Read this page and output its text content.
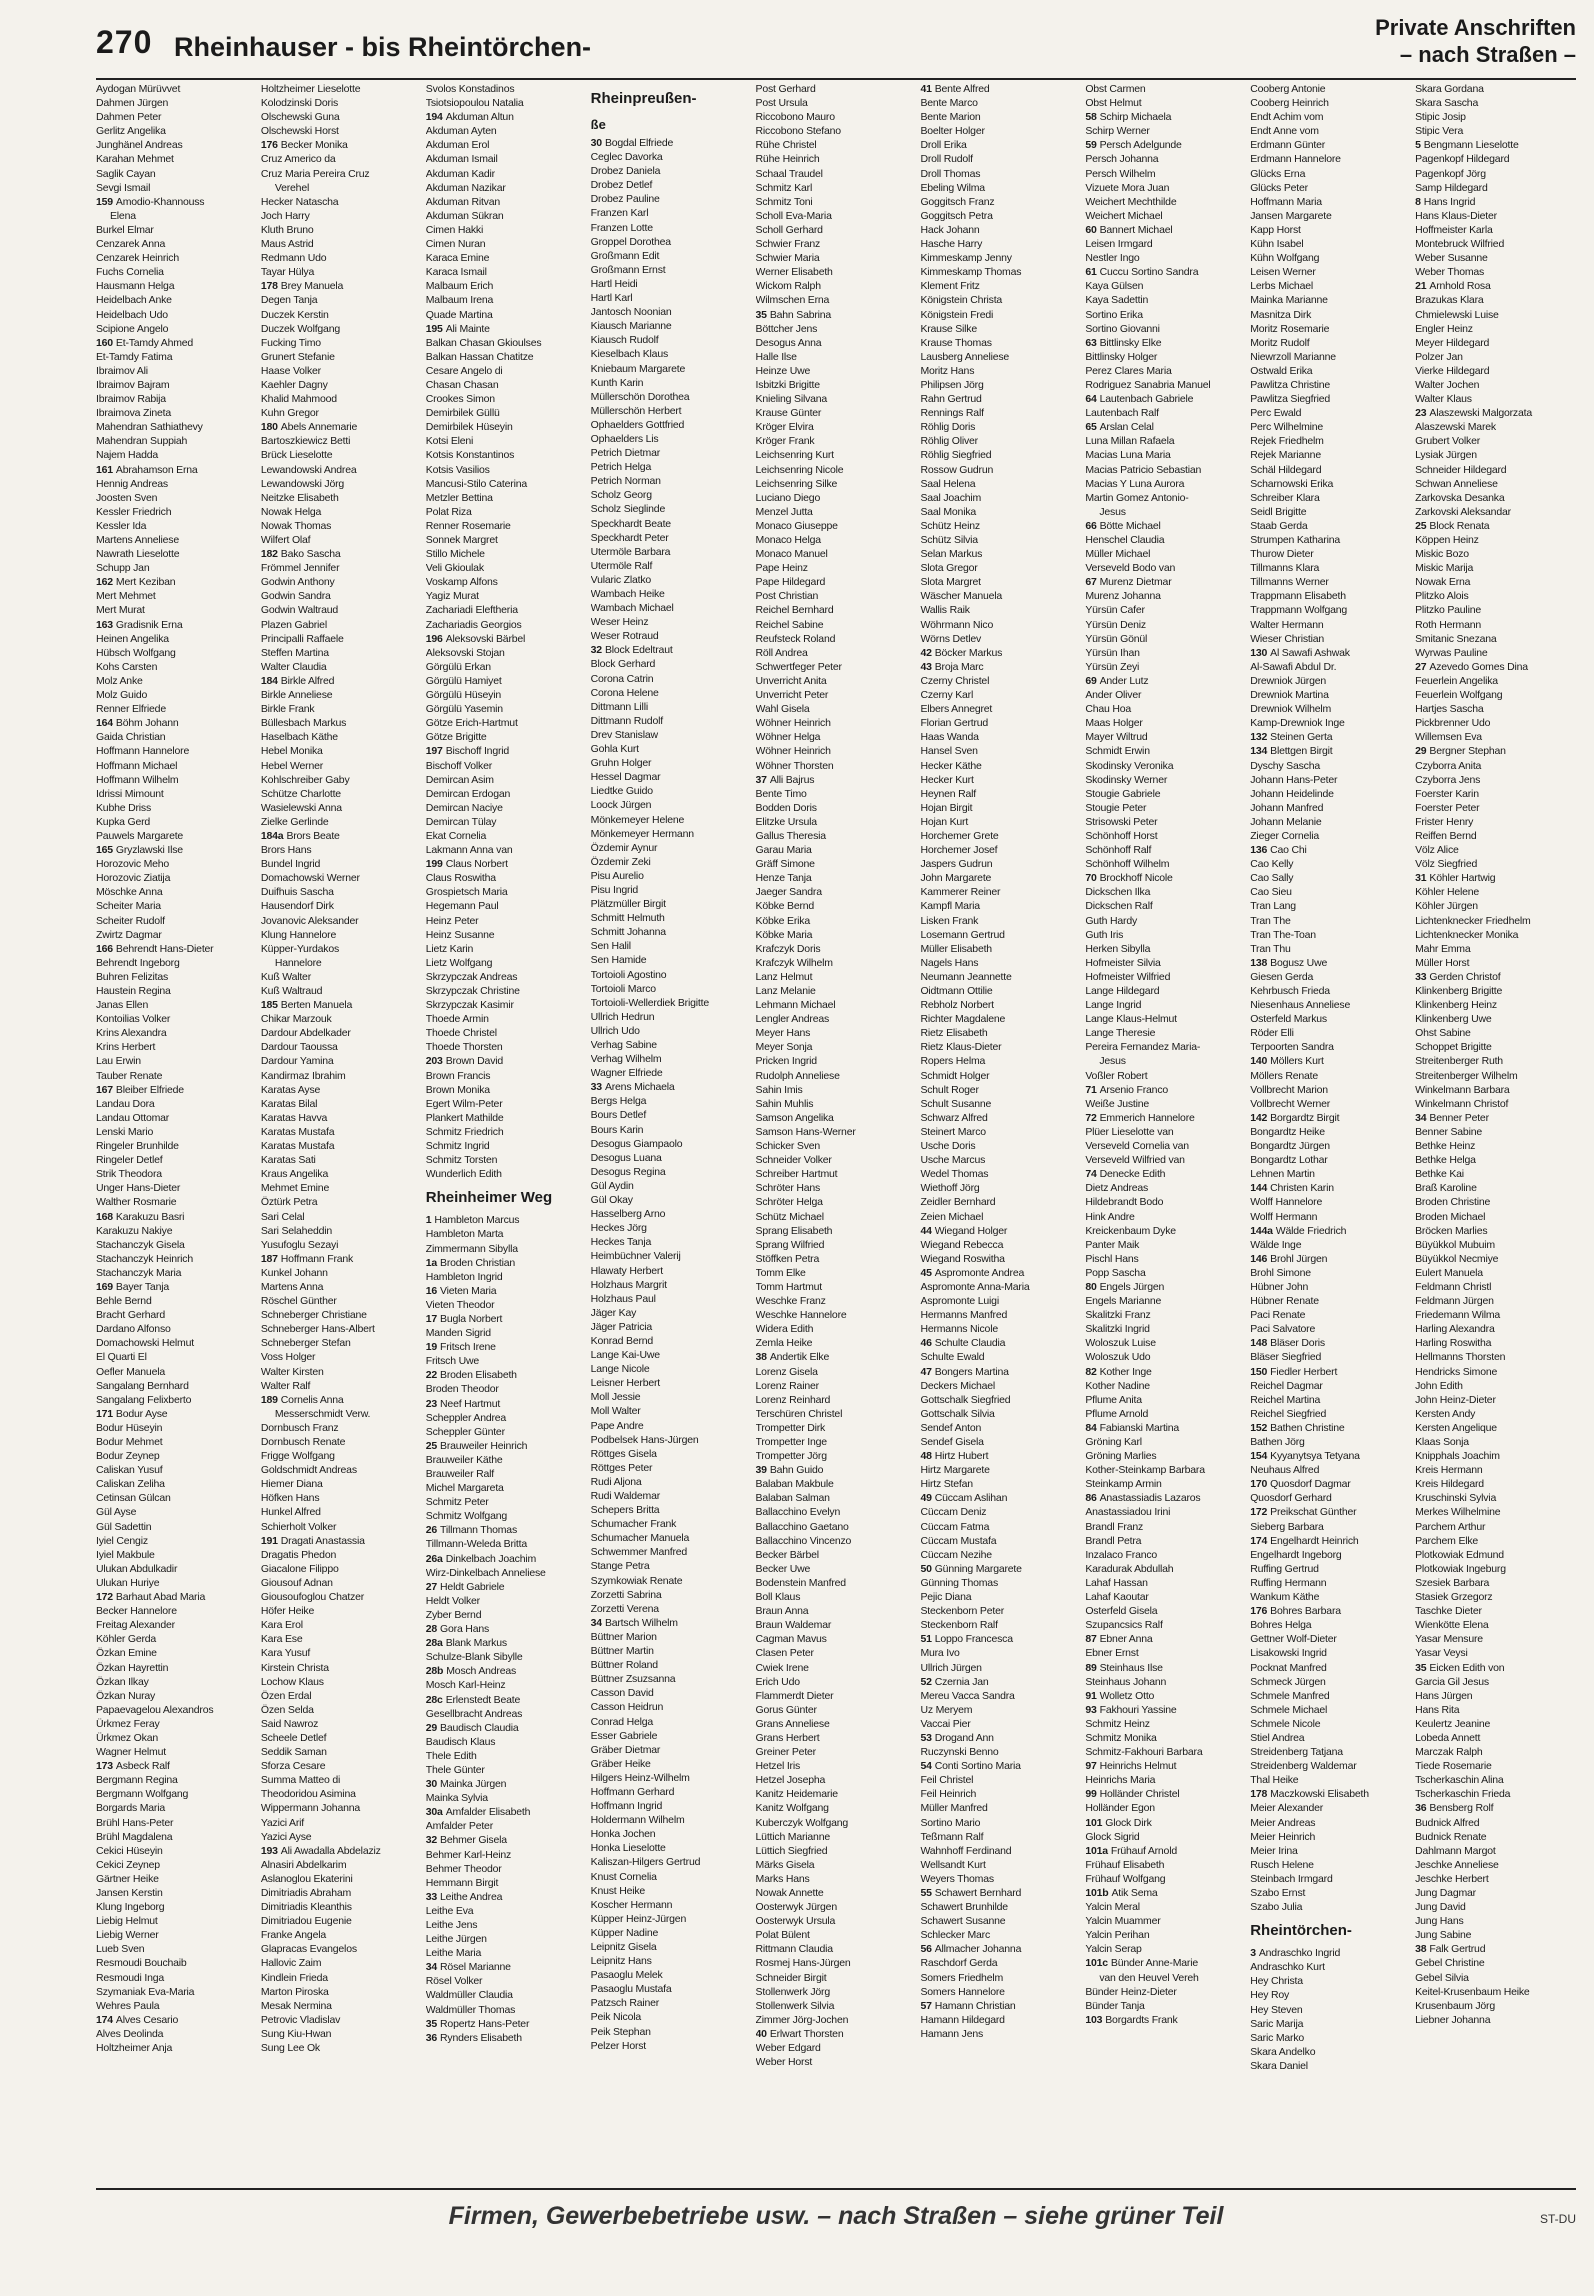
270 Rheinhauser - bis Rheintörchen-
Private Anschriften
– nach Straßen –
Aydogan Mürüvvet
Dahmen Jürgen
Dahmen Peter
Gerlitz Angelika
Junghänel Andreas
Karahan Mehmet
Saglik Cayan
Sevgi Ismail
159 Amodio-Khannouss
Elena
Burkel Elmar
Cenzarek Anna
Cenzarek Heinrich
Fuchs Cornelia
Hausmann Helga
Heidelbach Anke
Heidelbach Udo
Scipione Angelo
160 Et-Tamdy Ahmed
Et-Tamdy Fatima
Ibraimov Ali
Ibraimov Bajram
Ibraimov Rabija
Ibraimova Zineta
Mahendran Sathiathevy
Mahendran Suppiah
Najem Hadda
161 Abrahamson Erna
Hennig Andreas
Joosten Sven
Kessler Friedrich
Kessler Ida
Martens Anneliese
Nawrath Lieselotte
Schupp Jan
162 Mert Keziban
Mert Mehmet
Mert Murat
163 Gradisnik Erna
Heinen Angelika
Hübsch Wolfgang
Kohs Carsten
Molz Anke
Molz Guido
Renner Elfriede
164 Böhm Johann
Gaida Christian
Hoffmann Hannelore
Hoffmann Michael
Hoffmann Wilhelm
Idrissi Mimount
Kubhe Driss
Kupka Gerd
Pauwels Margarete
165 Gryzlawski Ilse
Horozovic Meho
Horozovic Ziatija
Möschke Anna
Scheiter Maria
Scheiter Rudolf
Zwirtz Dagmar
166 Behrendt Hans-Dieter
Behrendt Ingeborg
Buhren Felizitas
Haustein Regina
Janas Ellen
Kontoilias Volker
Krins Alexandra
Krins Herbert
Lau Erwin
Tauber Renate
167 Bleiber Elfriede
Landau Dora
Landau Ottomar
Lenski Mario
Ringeler Brunhilde
Ringeler Detlef
Strik Theodora
Unger Hans-Dieter
Walther Rosmarie
168 Karakuzu Basri
Karakuzu Nakiye
Stachanczyk Gisela
Stachanczyk Heinrich
Stachanczyk Maria
169 Bayer Tanja
Behle Bernd
Bracht Gerhard
Dardano Alfonso
Domachowski Helmut
El Quarti El
Oefler Manuela
Sangalang Bernhard
Sangalang Felixberto
171 Bodur Ayse
Bodur Hüseyin
Bodur Mehmet
Bodur Zeynep
Caliskan Yusuf
Caliskan Zeliha
Cetinsan Gülcan
Gül Ayse
Gül Sadettin
Iyiel Cengiz
Iyiel Makbule
Ulukan Abdulkadir
Ulukan Huriye
172 Barhaut Abad Maria
Becker Hannelore
Freitag Alexander
Köhler Gerda
Özkan Emine
Özkan Hayrettin
Özkan Ilkay
Özkan Nuray
Papaevagelou Alexandros
Ürkmez Feray
Ürkmez Okan
Wagner Helmut
173 Asbeck Ralf
Bergmann Regina
Bergmann Wolfgang
Borgards Maria
Brühl Hans-Peter
Brühl Magdalena
Cekici Hüseyin
Cekici Zeynep
Gärtner Heike
Jansen Kerstin
Klung Ingeborg
Liebig Helmut
Liebig Werner
Lueb Sven
Resmoudi Bouchaib
Resmoudi Inga
Szymaniak Eva-Maria
Wehres Paula
174 Alves Cesario
Alves Deolinda
Holtzheimer Anja
Holtzheimer Lieselotte
Kolodzinski Doris
Olschewski Guna
Olschewski Horst
176 Becker Monika
Cruz Americo da
Cruz Maria Pereira Cruz
Verehel
Hecker Natascha
Joch Harry
Kluth Bruno
Maus Astrid
Redmann Udo
Tayar Hülya
178 Brey Manuela
Degen Tanja
Duczek Kerstin
Duczek Wolfgang
Fucking Timo
Grunert Stefanie
Haase Volker
Kaehler Dagny
Khalid Mahmood
Kuhn Gregor
180 Abels Annemarie
Bartoszkiewicz Betti
Brück Lieselotte
Lewandowski Andrea
Lewandowski Jörg
Neitzke Elisabeth
Nowak Helga
Nowak Thomas
Wilfert Olaf
182 Bako Sascha
Frömmel Jennifer
Godwin Anthony
Godwin Sandra
Godwin Waltraud
Plazen Gabriel
Principalli Raffaele
Steffen Martina
Walter Claudia
184 Birkle Alfred
Birkle Anneliese
Birkle Frank
Büllesbach Markus
Haselbach Käthe
Hebel Monika
Hebel Werner
Kohlschreiber Gaby
Schütze Charlotte
Wasielewski Anna
Zielke Gerlinde
184a Brors Beate
Brors Hans
Bundel Ingrid
Domachowski Werner
Duifhuis Sascha
Hausendorf Dirk
Jovanovic Aleksander
Klung Hannelore
Küpper-Yurdakos
Hannelore
Kuß Walter
Kuß Waltraud
185 Berten Manuela
Chikar Marzouk
Dardour Abdelkader
Dardour Taoussa
Dardour Yamina
Kandirmaz Ibrahim
Karatas Ayse
Karatas Bilal
Karatas Havva
Karatas Mustafa
Karatas Mustafa
Karatas Sati
Kraus Angelika
Mehmet Emine
Öztürk Petra
Sari Celal
Sari Selaheddin
Yusufoglu Sezayi
187 Hoffmann Frank
Kunkel Johann
Martens Anna
Röschel Günther
Schneberger Christiane
Schneberger Hans-Albert
Schneberger Stefan
Voss Holger
Walter Kirsten
Walter Ralf
189 Cornelis Anna
Messerschmidt Verw.
Dornbusch Franz
Dornbusch Renate
Frigge Wolfgang
Goldschmidt Andreas
Hiemer Diana
Höfken Hans
Hunkel Alfred
Schierholt Volker
191 Dragati Anastassia
Dragatis Phedon
Giacalone Filippo
Giousouf Adnan
Giousoufoglou Chatzer
Höfer Heike
Kara Erol
Kara Ese
Kara Yusuf
Kirstein Christa
Lochow Klaus
Özen Erdal
Özen Selda
Said Nawroz
Scheele Detlef
Seddik Saman
Sforza Cesare
Summa Matteo di
Theodoridou Asimina
Wippermann Johanna
Yazici Arif
Yazici Ayse
193 Ali Awadalla Abdelaziz
Alnasiri Abdelkarim
Aslanoglou Ekaterini
Dimitriadis Abraham
Dimitriadis Kleanthis
Dimitriadou Eugenie
Franke Angela
Glapracas Evangelos
Hallovic Zaim
Kindlein Frieda
Marton Piroska
Mesak Nermina
Petrovic Vladislav
Sung Kiu-Hwan
Sung Lee Ok
Svolos Konstadinos
Tsiotsiopoulou Natalia
194 Akduman Altun
Akduman Ayten
Akduman Erol
Akduman Ismail
Akduman Kadir
Akduman Nazikar
Akduman Ritvan
Akduman Sükran
Cimen Hakki
Cimen Nuran
Karaca Emine
Karaca Ismail
Malbaum Erich
Malbaum Irena
Quade Martina
195 Ali Mainte
Balkan Chasan Gkioulses
Balkan Hassan Chatitze
Cesare Angelo di
Chasan Chasan
Crookes Simon
Demirbilek Güllü
Demirbilek Hüseyin
Kotsi Eleni
Kotsis Konstantinos
Kotsis Vasilios
Mancusi-Stilo Caterina
Metzler Bettina
Polat Riza
Renner Rosemarie
Sonnek Margret
Stillo Michele
Veli Gkioulak
Voskamp Alfons
Yagiz Murat
Zachariadi Eleftheria
Zachariadis Georgios
196 Aleksovski Bärbel
Aleksovski Stojan
Görgülü Erkan
Görgülü Hamiyet
Görgülü Hüseyin
Görgülü Yasemin
Götze Erich-Hartmut
Götze Brigitte
197 Bischoff Ingrid
Bischoff Volker
Demircan Asim
Demircan Erdogan
Demircan Naciye
Demircan Tülay
Ekat Cornelia
Lakmann Anna van
199 Claus Norbert
Claus Roswitha
Grospietsch Maria
Hegemann Paul
Heinz Peter
Heinz Susanne
Lietz Karin
Lietz Wolfgang
Skrzypczak Andreas
Skrzypczak Christine
Skrzypczak Kasimir
Thoede Armin
Thoede Christel
Thoede Thorsten
203 Brown David
Brown Francis
Brown Monika
Egert Wilm-Peter
Plankert Mathilde
Schmitz Friedrich
Schmitz Ingrid
Schmitz Torsten
Wunderlich Edith
Rheinheimer Weg
1 Hambleton Marcus
Hambleton Marta
Zimmermann Sibylla
1a Broden Christian
Hambleton Ingrid
16 Vieten Maria
Vieten Theodor
17 Bugla Norbert
Manden Sigrid
19 Fritsch Irene
Fritsch Uwe
22 Broden Elisabeth
Broden Theodor
23 Neef Hartmut
Scheppler Andrea
Scheppler Günter
25 Brauweiler Heinrich
Brauweiler Käthe
Brauweiler Ralf
Michel Margareta
Schmitz Peter
Schmitz Wolfgang
26 Tillmann Thomas
Tillmann-Weleda Britta
26a Dinkelbach Joachim
Wirz-Dinkelbach Anneliese
27 Heldt Gabriele
Heldt Volker
Zyber Bernd
28 Gora Hans
28a Blank Markus
Schulze-Blank Sibylle
28b Mosch Andreas
Mosch Karl-Heinz
28c Erlenstedt Beate
Gesellbracht Andreas
29 Baudisch Claudia
Baudisch Klaus
Thele Edith
Thele Günter
30 Mainka Jürgen
Mainka Sylvia
30a Amfalder Elisabeth
Amfalder Peter
32 Behmer Gisela
Behmer Karl-Heinz
Behmer Theodor
Hemmann Birgit
33 Leithe Andrea
Leithe Eva
Leithe Jens
Leithe Jürgen
Leithe Maria
34 Rösel Marianne
Rösel Volker
Waldmüller Claudia
Waldmüller Thomas
35 Ropertz Hans-Peter
36 Rynders Elisabeth
Rheinpreußen-
ße
30 Bogdal Elfriede
Ceglec Davorka
Drobez Daniela
Drobez Detlef
Drobez Pauline
Franzen Karl
Franzen Lotte
Groppel Dorothea
Großmann Edit
Großmann Ernst
Hartl Heidi
Hartl Karl
Jantosch Noonian
Kiausch Marianne
Kiausch Rudolf
Kieselbach Klaus
Kniebaum Margarete
Kunth Karin
Müllerschön Dorothea
Müllerschön Herbert
Ophaelders Gottfried
Ophaelders Lis
Petrich Dietmar
Petrich Helga
Petrich Norman
Scholz Georg
Scholz Sieglinde
Speckhardt Beate
Speckhardt Peter
Utermöle Barbara
Utermöle Ralf
Vularic Zlatko
Wambach Heike
Wambach Michael
Weser Heinz
Weser Rotraud
32 Block Edeltraut
Block Gerhard
Corona Catrin
Corona Helene
Dittmann Lilli
Dittmann Rudolf
Drev Stanislaw
Gohla Kurt
Gruhn Holger
Hessel Dagmar
Liedtke Guido
Loock Jürgen
Mönkemeyer Helene
Mönkemeyer Hermann
Özdemir Aynur
Özdemir Zeki
Pisu Aurelio
Pisu Ingrid
Plätzmüller Birgit
Schmitt Helmuth
Schmitt Johanna
Sen Halil
Sen Hamide
Tortoioli Agostino
Tortoioli Marco
Tortoioli-Wellerdiek Brigitte
Ullrich Hedrun
Ullrich Udo
Verhag Sabine
Verhag Wilhelm
Wagner Elfriede
33 Arens Michaela
Bergs Helga
Bours Detlef
Bours Karin
Desogus Giampaolo
Desogus Luana
Desogus Regina
Gül Aydin
Gül Okay
Hasselberg Arno
Heckes Jörg
Heckes Tanja
Heimbüchner Valerij
Hlawaty Herbert
Holzhaus Margrit
Holzhaus Paul
Jäger Kay
Jäger Patricia
Konrad Bernd
Lange Kai-Uwe
Lange Nicole
Leisner Herbert
Moll Jessie
Moll Walter
Pape Andre
Podbelsek Hans-Jürgen
Röttges Gisela
Röttges Peter
Rudi Aljona
Rudi Waldemar
Schepers Britta
Schumacher Frank
Schumacher Manuela
Schwemmer Manfred
Stange Petra
Szymkowiak Renate
Zorzetti Sabrina
Zorzetti Verena
34 Bartsch Wilhelm
Büttner Marion
Büttner Martin
Büttner Roland
Büttner Zsuzsanna
Casson David
Casson Heidrun
Conrad Helga
Esser Gabriele
Gräber Dietmar
Gräber Heike
Hilgers Heinz-Wilhelm
Hoffmann Gerhard
Hoffmann Ingrid
Holdermann Wilhelm
Honka Jochen
Honka Lieselotte
Kaliszan-Hilgers Gertrud
Knust Cornelia
Knust Heike
Koscher Hermann
Küpper Heinz-Jürgen
Küpper Nadine
Leipnitz Gisela
Leipnitz Hans
Pasaoglu Melek
Pasaoglu Mustafa
Patzsch Rainer
Peik Nicola
Peik Stephan
Pelzer Horst
Post Gerhard
Post Ursula
Riccobono Mauro
Riccobono Stefano
Rühe Christel
Rühe Heinrich
Schaal Traudel
Schmitz Karl
Schmitz Toni
Scholl Eva-Maria
Scholl Gerhard
Schwier Franz
Schwier Maria
Werner Elisabeth
Wickom Ralph
Wilmschen Erna
35 Bahn Sabrina
Böttcher Jens
Desogus Anna
Halle Ilse
Heinze Uwe
Isbitzki Brigitte
Knieling Silvana
Krause Günter
Kröger Elvira
Kröger Frank
Leichsenring Kurt
Leichsenring Nicole
Leichsenring Silke
Luciano Diego
Menzel Jutta
Monaco Giuseppe
Monaco Helga
Monaco Manuel
Pape Heinz
Pape Hildegard
Post Christian
Reichel Bernhard
Reichel Sabine
Reufsteck Roland
Röll Andrea
Schwertfeger Peter
Unverricht Anita
Unverricht Peter
Wahl Gisela
Wöhner Heinrich
Wöhner Helga
Wöhner Heinrich
Wöhner Thorsten
37 Alli Bajrus
Bente Timo
Bodden Doris
Elitzke Ursula
Gallus Theresia
Garau Maria
Gräff Simone
Henze Tanja
Jaeger Sandra
Köbke Bernd
Köbke Erika
Köbke Maria
Krafczyk Doris
Krafczyk Wilhelm
Lanz Helmut
Lanz Melanie
Lehmann Michael
Lengler Andreas
Meyer Hans
Meyer Sonja
Pricken Ingrid
Rudolph Anneliese
Sahin Imis
Sahin Muhlis
Samson Angelika
Samson Hans-Werner
Schicker Sven
Schneider Volker
Schreiber Hartmut
Schröter Hans
Schröter Helga
Schütz Michael
Sprang Elisabeth
Sprang Wilfried
Stöffken Petra
Tomm Elke
Tomm Hartmut
Weschke Franz
Weschke Hannelore
Widera Edith
Zemla Heike
38 Andertik Elke
Lorenz Gisela
Lorenz Rainer
Lorenz Reinhard
Terschüren Christel
Trompetter Dirk
Trompetter Inge
Trompetter Jörg
39 Bahn Guido
Balaban Makbule
Balaban Salman
Ballacchino Evelyn
Ballacchino Gaetano
Ballacchino Vincenzo
Becker Bärbel
Becker Uwe
Bodenstein Manfred
Boll Klaus
Braun Anna
Braun Waldemar
Cagman Mavus
Clasen Peter
Cwiek Irene
Erich Udo
Flammerdt Dieter
Gorus Günter
Grans Anneliese
Grans Herbert
Greiner Peter
Hetzel Iris
Hetzel Josepha
Kanitz Heidemarie
Kanitz Wolfgang
Kuberczyk Wolfgang
Lüttich Marianne
Lüttich Siegfried
Märks Gisela
Marks Hans
Nowak Annette
Oosterwyk Jürgen
Oosterwyk Ursula
Polat Bülent
Rittmann Claudia
Rosmej Hans-Jürgen
Schneider Birgit
Stollenwerk Jörg
Stollenwerk Silvia
Zimmer Jörg-Jochen
40 Erlwart Thorsten
Weber Edgard
Weber Horst
41 Bente Alfred
Bente Marco
Bente Marion
Boelter Holger
Droll Erika
Droll Rudolf
Droll Thomas
Ebeling Wilma
Goggitsch Franz
Goggitsch Petra
Hack Johann
Hasche Harry
Kimmeskamp Jenny
Kimmeskamp Thomas
Klement Fritz
Königstein Christa
Königstein Fredi
Krause Silke
Krause Thomas
Lausberg Anneliese
Moritz Hans
Philipsen Jörg
Rahn Gertrud
Rennings Ralf
Röhlig Doris
Röhlig Oliver
Röhlig Siegfried
Rossow Gudrun
Saal Helena
Saal Joachim
Saal Monika
Schütz Heinz
Schütz Silvia
Selan Markus
Slota Gregor
Slota Margret
Wäscher Manuela
Wallis Raik
Wöhrmann Nico
Wörns Detlev
42 Böcker Markus
43 Broja Marc
Czerny Christel
Czerny Karl
Elbers Annegret
Florian Gertrud
Haas Wanda
Hansel Sven
Hecker Käthe
Hecker Kurt
Heynen Ralf
Hojan Birgit
Hojan Kurt
Horchemer Grete
Horchemer Josef
Jaspers Gudrun
John Margarete
Kammerer Reiner
Kampfl Maria
Lisken Frank
Losemann Gertrud
Müller Elisabeth
Nagels Hans
Neumann Jeannette
Oidtmann Ottilie
Rebholz Norbert
Richter Magdalene
Rietz Elisabeth
Rietz Klaus-Dieter
Ropers Helma
Schmidt Holger
Schult Roger
Schult Susanne
Schwarz Alfred
Steinert Marco
Usche Doris
Usche Marcus
Wedel Thomas
Wiethoff Jörg
Zeidler Bernhard
Zeien Michael
44 Wiegand Holger
Wiegand Rebecca
Wiegand Roswitha
45 Aspromonte Andrea
Aspromonte Anna-Maria
Aspromonte Luigi
Hermanns Manfred
Hermanns Nicole
46 Schulte Claudia
Schulte Ewald
47 Bongers Martina
Deckers Michael
Gottschalk Siegfried
Gottschalk Silvia
Sendef Anton
Sendef Gisela
48 Hirtz Hubert
Hirtz Margarete
Hirtz Stefan
49 Cüccam Aslihan
Cüccam Deniz
Cüccam Fatma
Cüccam Mustafa
Cüccam Nezihe
50 Günning Margarete
Günning Thomas
Pejic Diana
Steckenborn Peter
Steckenborn Ralf
51 Loppo Francesca
Mura Ivo
Ullrich Jürgen
52 Czernia Jan
Mereu Vacca Sandra
Uz Meryem
Vaccai Pier
53 Drogand Ann
Ruczynski Benno
54 Conti Sortino Maria
Feil Christel
Feil Heinrich
Müller Manfred
Sortino Mario
Teßmann Ralf
Wahnhoff Ferdinand
Wellsandt Kurt
Weyers Thomas
55 Schawert Bernhard
Schawert Brunhilde
Schawert Susanne
Schlecker Marc
56 Allmacher Johanna
Raschdorf Gerda
Somers Friedhelm
Somers Hannelore
57 Hamann Christian
Hamann Hildegard
Hamann Jens
Obst Carmen
Obst Helmut
58 Schirp Michaela
Schirp Werner
59 Persch Adelgunde
Persch Johanna
Persch Wilhelm
Vizuete Mora Juan
Weichert Mechthilde
Weichert Michael
60 Bannert Michael
Leisen Irmgard
Nestler Ingo
61 Cuccu Sortino Sandra
Kaya Gülsen
Kaya Sadettin
Sortino Erika
Sortino Giovanni
63 Bittlinsky Elke
Bittlinsky Holger
Perez Clares Maria
Rodriguez Sanabria Manuel
64 Lautenbach Gabriele
Lautenbach Ralf
65 Arslan Celal
Luna Millan Rafaela
Macias Luna Maria
Macias Patricio Sebastian
Macias Y Luna Aurora
Martin Gomez Antonio-
Jesus
66 Bötte Michael
Henschel Claudia
Müller Michael
Verseveld Bodo van
67 Murenz Dietmar
Murenz Johanna
Yürsün Cafer
Yürsün Deniz
Yürsün Gönül
Yürsün Ihan
Yürsün Zeyi
69 Ander Lutz
Ander Oliver
Chau Hoa
Maas Holger
Mayer Wiltrud
Schmidt Erwin
Skodinsky Veronika
Skodinsky Werner
Stougie Gabriele
Stougie Peter
Strisowski Peter
Schönhoff Horst
Schönhoff Ralf
Schönhoff Wilhelm
70 Brockhoff Nicole
Dickschen Ilka
Dickschen Ralf
Guth Hardy
Guth Iris
Herken Sibylla
Hofmeister Silvia
Hofmeister Wilfried
Lange Hildegard
Lange Ingrid
Lange Klaus-Helmut
Lange Theresie
Pereira Fernandez Maria-
Jesus
Voßler Robert
71 Arsenio Franco
Weiße Justine
72 Emmerich Hannelore
Plüer Lieselotte van
Verseveld Cornelia van
Verseveld Wilfried van
74 Denecke Edith
Dietz Andreas
Hildebrandt Bodo
Hink Andre
Kreickenbaum Dyke
Panter Maik
Pischl Hans
Popp Sascha
80 Engels Jürgen
Engels Marianne
Skalitzki Franz
Skalitzki Ingrid
Woloszuk Luise
Woloszuk Udo
82 Kother Inge
Kother Nadine
Pflume Anita
Pflume Arnold
84 Fabianski Martina
Gröning Karl
Gröning Marlies
Kother-Steinkamp Barbara
Steinkamp Armin
86 Anastassiadis Lazaros
Anastassiadou Irini
Brandl Franz
Brandl Petra
Inzalaco Franco
Karadurak Abdullah
Lahaf Hassan
Lahaf Kaoutar
Osterfeld Gisela
Szupancsics Ralf
87 Ebner Anna
Ebner Ernst
89 Steinhaus Ilse
Steinhaus Johann
91 Wolletz Otto
93 Fakhouri Yassine
Schmitz Heinz
Schmitz Monika
Schmitz-Fakhouri Barbara
97 Heinrichs Helmut
Heinrichs Maria
99 Holländer Christel
Holländer Egon
101 Glock Dirk
Glock Sigrid
101a Frühauf Arnold
Frühauf Elisabeth
Frühauf Wolfgang
101b Atik Sema
Yalcin Meral
Yalcin Muammer
Yalcin Perihan
Yalcin Serap
101c Bünder Anne-Marie
van den Heuvel Vereh
Bünder Heinz-Dieter
Bünder Tanja
103 Borgardts Frank
Cooberg Antonie
Cooberg Heinrich
Endt Achim vom
Endt Anne vom
Erdmann Günter
Erdmann Hannelore
Glücks Erna
Glücks Peter
Hoffmann Maria
Jansen Margarete
Kapp Horst
Kühn Isabel
Kühn Wolfgang
Leisen Werner
Lerbs Michael
Mainka Marianne
Masnitza Dirk
Moritz Rosemarie
Moritz Rudolf
Niewrzoll Marianne
Ostwald Erika
Pawlitza Christine
Pawlitza Siegfried
Perc Ewald
Perc Wilhelmine
Rejek Friedhelm
Rejek Marianne
Schäl Hildegard
Scharnowski Erika
Schreiber Klara
Seidl Brigitte
Staab Gerda
Strumpen Katharina
Thurow Dieter
Tillmanns Klara
Tillmanns Werner
Trappmann Elisabeth
Trappmann Wolfgang
Walter Hermann
Wieser Christian
130 Al Sawafi Ashwak
Al-Sawafi Abdul Dr.
Drewniok Jürgen
Drewniok Martina
Drewniok Wilhelm
Kamp-Drewniok Inge
132 Steinen Gerta
134 Blettgen Birgit
Dyschy Sascha
Johann Hans-Peter
Johann Heidelinde
Johann Manfred
Johann Melanie
Zieger Cornelia
136 Cao Chi
Cao Kelly
Cao Sally
Cao Sieu
Tran Lang
Tran The
Tran The-Toan
Tran Thu
138 Bogusz Uwe
Giesen Gerda
Kehrbusch Frieda
Niesenhaus Anneliese
Osterfeld Markus
Röder Elli
Terpoorten Sandra
140 Möllers Kurt
Möllers Renate
Vollbrecht Marion
Vollbrecht Werner
142 Borgardtz Birgit
Bongardtz Heike
Bongardtz Jürgen
Bongardtz Lothar
Lehnen Martin
144 Christen Karin
Wolff Hannelore
Wolff Hermann
144a Wälde Friedrich
Wälde Inge
146 Brohl Jürgen
Brohl Simone
Hübner John
Hübner Renate
Paci Renate
Paci Salvatore
148 Bläser Doris
Bläser Siegfried
150 Fiedler Herbert
Reichel Dagmar
Reichel Martina
Reichel Siegfried
152 Bathen Christine
Bathen Jörg
154 Kyyanytsya Tetyana
Neuhaus Alfred
170 Quosdorf Dagmar
Quosdorf Gerhard
172 Preikschat Günther
Sieberg Barbara
174 Engelhardt Heinrich
Engelhardt Ingeborg
Ruffing Gertrud
Ruffing Hermann
Wankum Käthe
176 Bohres Barbara
Bohres Helga
Gettner Wolf-Dieter
Lisakowski Ingrid
Pocknat Manfred
Schmeck Jürgen
Schmele Manfred
Schmele Michael
Schmele Nicole
Stiel Andrea
Streidenberg Tatjana
Streidenberg Waldemar
Thal Heike
178 Maczkowski Elisabeth
Meier Alexander
Meier Andreas
Meier Heinrich
Meier Irina
Rusch Helene
Steinbach Irmgard
Szabo Ernst
Szabo Julia
Rheintörchen-
3 Andraschko Ingrid
Andraschko Kurt
Hey Christa
Hey Roy
Hey Steven
Saric Marija
Saric Marko
Skara Andelko
Skara Daniel
Skara Gordana
Skara Sascha
Stipic Josip
Stipic Vera
5 Bengmann Lieselotte
Pagenkopf Hildegard
Pagenkopf Jörg
Samp Hildegard
8 Hans Ingrid
Hans Klaus-Dieter
Hoffmeister Karla
Montebruck Wilfried
Weber Susanne
Weber Thomas
21 Arnhold Rosa
Brazukas Klara
Chmielewski Luise
Engler Heinz
Meyer Hildegard
Polzer Jan
Vierke Hildegard
Walter Jochen
Walter Klaus
23 Alaszewski Malgorzata
Alaszewski Marek
Grubert Volker
Lysiak Jürgen
Schneider Hildegard
Schwan Anneliese
Zarkovska Desanka
Zarkovski Aleksandar
25 Block Renata
Köppen Heinz
Miskic Bozo
Miskic Marija
Nowak Erna
Plitzko Alois
Plitzko Pauline
Roth Hermann
Smitanic Snezana
Wyrwas Pauline
27 Azevedo Gomes Dina
Feuerlein Angelika
Feuerlein Wolfgang
Hartjes Sascha
Pickbrenner Udo
Willemsen Eva
29 Bergner Stephan
Czyborra Anita
Czyborra Jens
Foerster Karin
Foerster Peter
Frister Henry
Reiffen Bernd
Völz Alice
Völz Siegfried
31 Köhler Hartwig
Köhler Helene
Köhler Jürgen
Lichtenknecker Friedhelm
Lichtenknecker Monika
Mahr Emma
Müller Horst
33 Gerden Christof
Klinkenberg Brigitte
Klinkenberg Heinz
Klinkenberg Uwe
Ohst Sabine
Schoppet Brigitte
Streitenberger Ruth
Streitenberger Wilhelm
Winkelmann Barbara
Winkelmann Christof
34 Benner Peter
Benner Sabine
Bethke Heinz
Bethke Helga
Bethke Kai
Braß Karoline
Broden Christine
Broden Michael
Bröcken Marlies
Büyükkol Mubuim
Büyükkol Necmiye
Eulert Manuela
Feldmann Christl
Feldmann Jürgen
Friedemann Wilma
Harling Alexandra
Harling Roswitha
Hellmanns Thorsten
Hendricks Simone
John Edith
John Heinz-Dieter
Kersten Andy
Kersten Angelique
Klaas Sonja
Knipphals Joachim
Kreis Hermann
Kreis Hildegard
Kruschinski Sylvia
Merkes Wilhelmine
Parchem Arthur
Parchem Elke
Plotkowiak Edmund
Plotkowiak Ingeburg
Szesiek Barbara
Stasiek Grzegorz
Taschke Dieter
Wienkötte Elena
Yasar Mensure
Yasar Veysi
35 Eicken Edith von
Garcia Gil Jesus
Hans Jürgen
Hans Rita
Keulertz Jeanine
Lobeda Annett
Marczak Ralph
Tiede Rosemarie
Tscherkaschin Alina
Tscherkaschin Frieda
36 Bensberg Rolf
Budnick Alfred
Budnick Renate
Dahlmann Margot
Jeschke Anneliese
Jeschke Herbert
Jung Dagmar
Jung David
Jung Hans
Jung Sabine
38 Falk Gertrud
Gebel Christine
Gebel Silvia
Keitel-Krusenbaum Heike
Krusenbaum Jörg
Liebner Johanna
Firmen, Gewerbebetriebe usw. – nach Straßen – siehe grüner Teil	ST-DU
